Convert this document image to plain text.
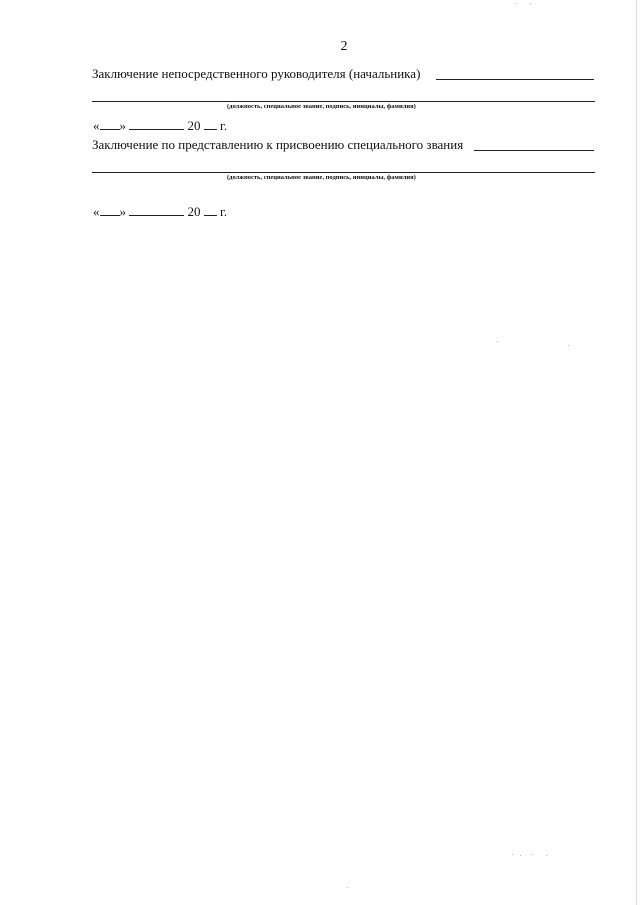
2
Заключение непосредственного руководителя (начальника)
(должность, специальное звание, подпись, инициалы, фамилия)
« »	20 г.
Заключение по представлению к присвоению специального звания
(должность, специальное звание, подпись, инициалы, фамилия)
« »	20 г.
